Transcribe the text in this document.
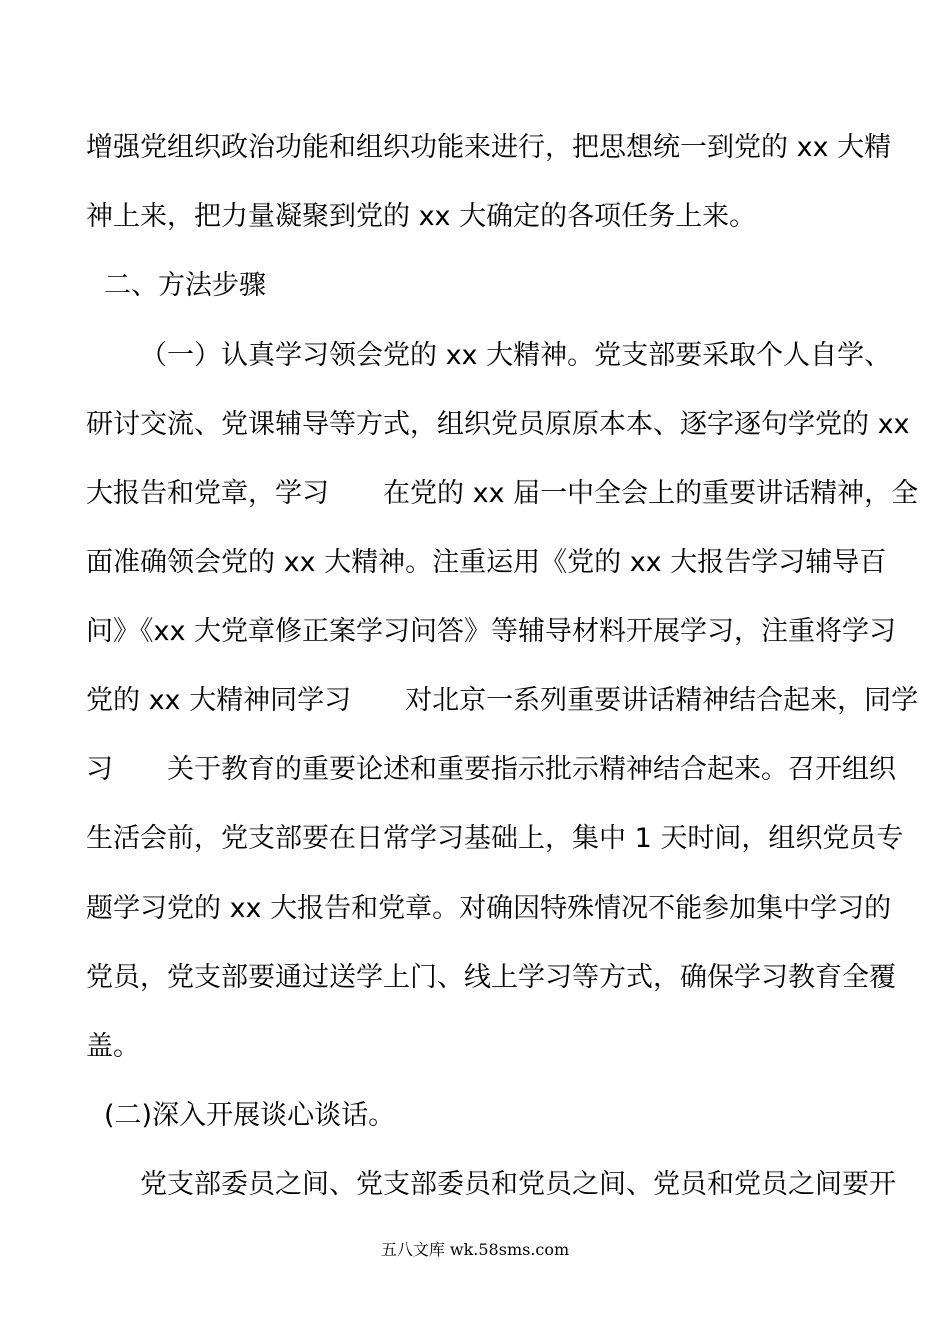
增强党组织政治功能和组织功能来进行，把思想统一到党的 xx 大精
神上来，把力量凝聚到党的 xx 大确定的各项任务上来。
二、方法步骤
（一）认真学习领会党的 xx 大精神。党支部要采取个人自学、
研讨交流、党课辅导等方式，组织党员原原本本、逐字逐句学党的 xx
大报告和党章，学习　　在党的 xx 届一中全会上的重要讲话精神，全
面准确领会党的 xx 大精神。注重运用《党的 xx 大报告学习辅导百
问》《xx 大党章修正案学习问答》等辅导材料开展学习，注重将学习
党的 xx 大精神同学习　　对北京一系列重要讲话精神结合起来，同学
习　　关于教育的重要论述和重要指示批示精神结合起来。召开组织
生活会前，党支部要在日常学习基础上，集中 1 天时间，组织党员专
题学习党的 xx 大报告和党章。对确因特殊情况不能参加集中学习的
党员，党支部要通过送学上门、线上学习等方式，确保学习教育全覆
盖。
(二)深入开展谈心谈话。
党支部委员之间、党支部委员和党员之间、党员和党员之间要开
五八文库 wk.58sms.com
